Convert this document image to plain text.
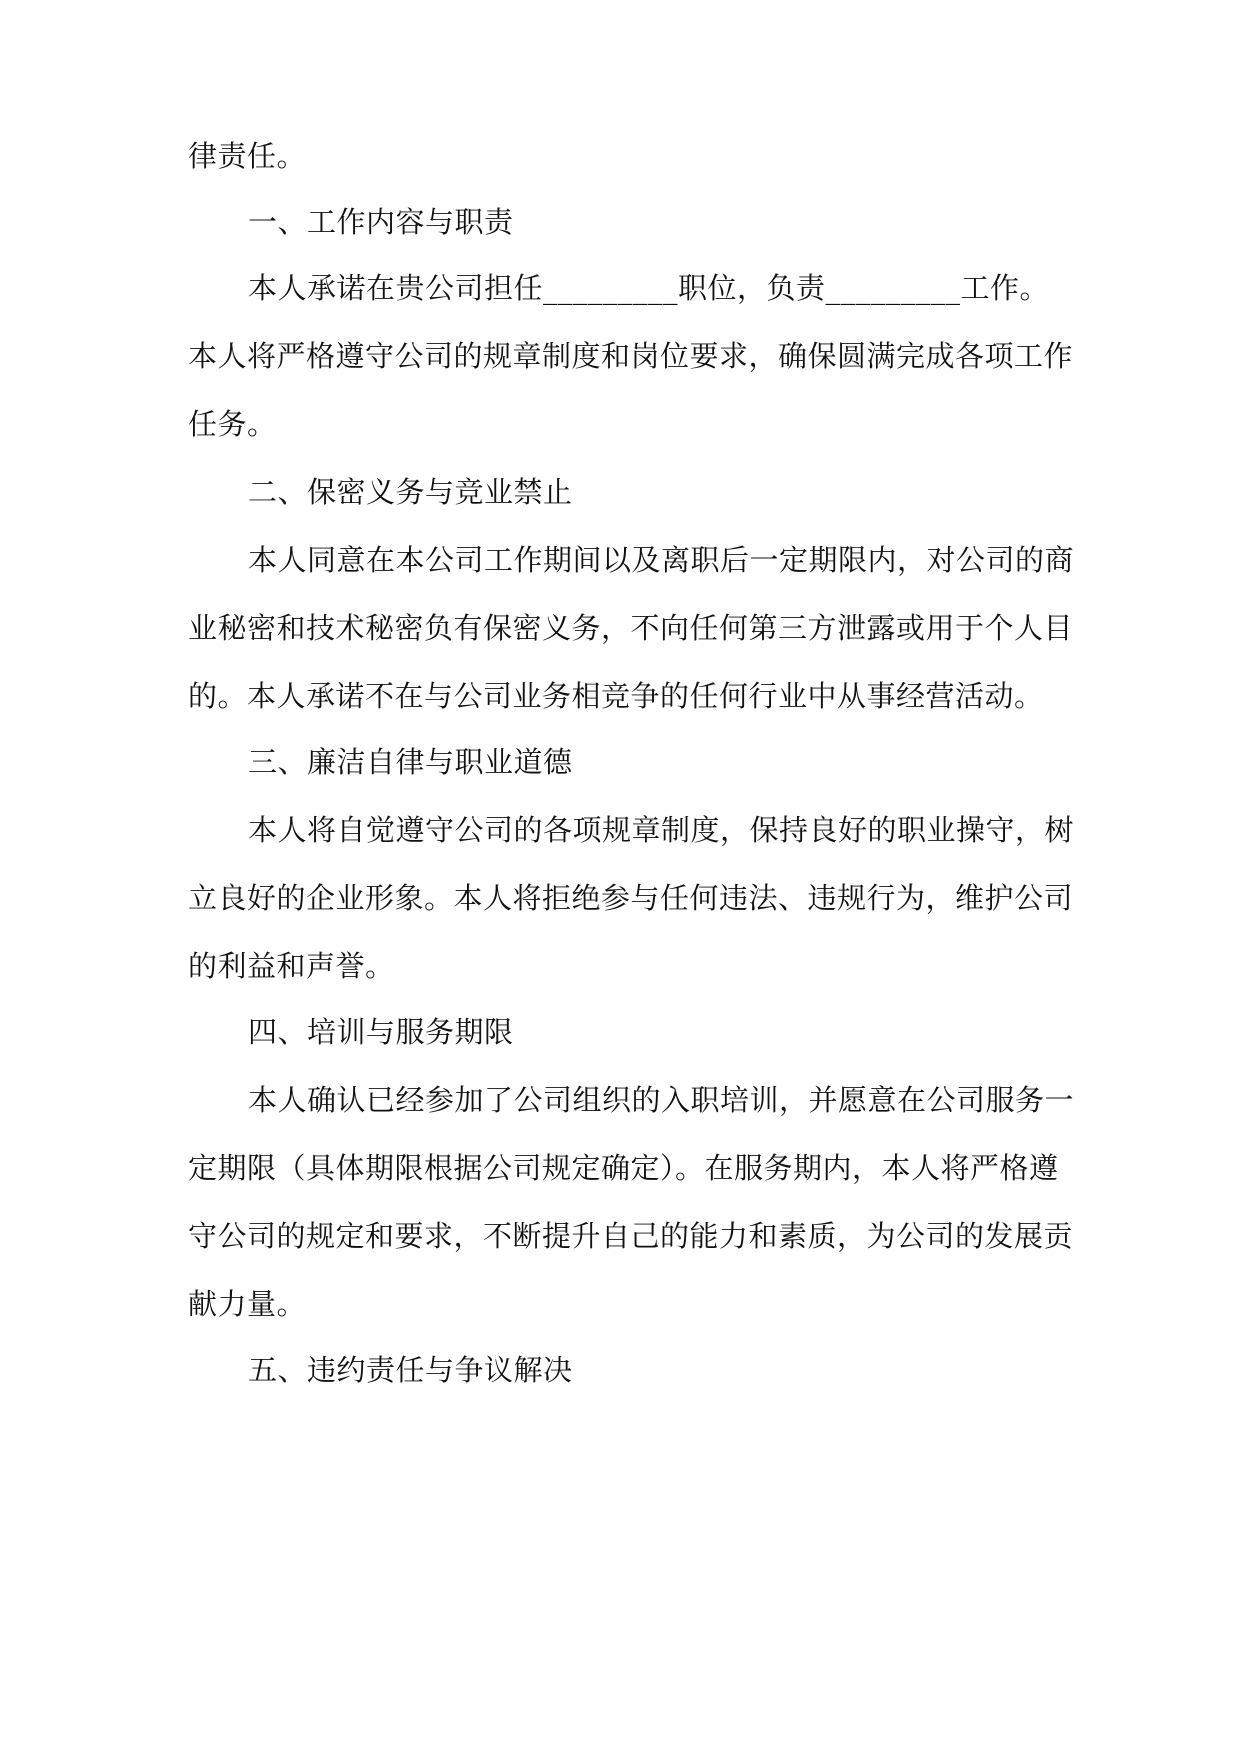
律责任。
一、工作内容与职责
本人承诺在贵公司担任_________职位，负责_________工作。
本人将严格遵守公司的规章制度和岗位要求，确保圆满完成各项工作
任务。
二、保密义务与竞业禁止
本人同意在本公司工作期间以及离职后一定期限内，对公司的商
业秘密和技术秘密负有保密义务，不向任何第三方泄露或用于个人目
的。本人承诺不在与公司业务相竞争的任何行业中从事经营活动。
三、廉洁自律与职业道德
本人将自觉遵守公司的各项规章制度，保持良好的职业操守，树
立良好的企业形象。本人将拒绝参与任何违法、违规行为，维护公司
的利益和声誉。
四、培训与服务期限
本人确认已经参加了公司组织的入职培训，并愿意在公司服务一
定期限（具体期限根据公司规定确定）。在服务期内，本人将严格遵
守公司的规定和要求，不断提升自己的能力和素质，为公司的发展贡
献力量。
五、违约责任与争议解决
